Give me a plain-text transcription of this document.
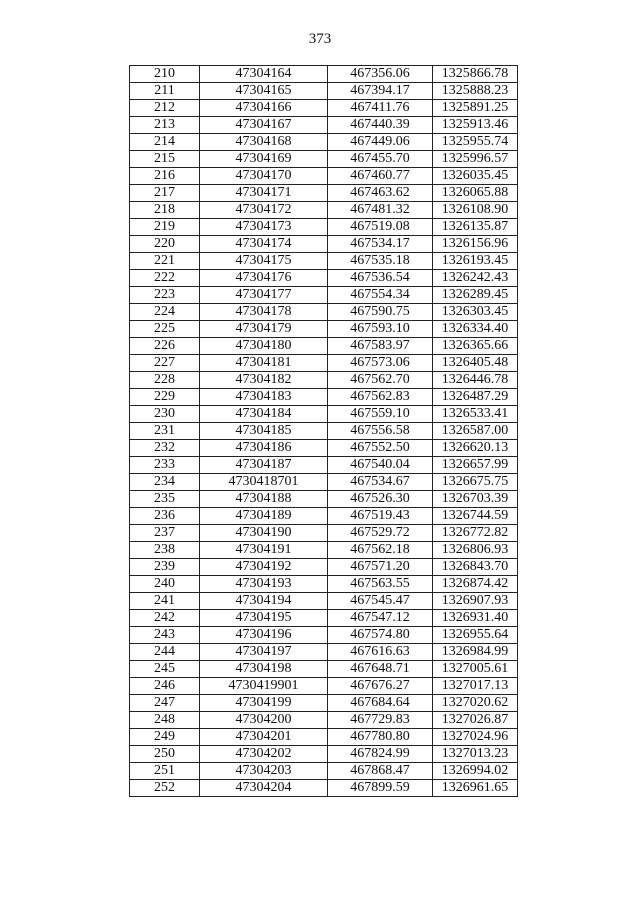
373
210	47304164	467356.06	1325866.78
211	47304165	467394.17	1325888.23
212	47304166	467411.76	1325891.25
213	47304167	467440.39	1325913.46
214	47304168	467449.06	1325955.74
215	47304169	467455.70	1325996.57
216	47304170	467460.77	1326035.45
217	47304171	467463.62	1326065.88
218	47304172	467481.32	1326108.90
219	47304173	467519.08	1326135.87
220	47304174	467534.17	1326156.96
221	47304175	467535.18	1326193.45
222	47304176	467536.54	1326242.43
223	47304177	467554.34	1326289.45
224	47304178	467590.75	1326303.45
225	47304179	467593.10	1326334.40
226	47304180	467583.97	1326365.66
227	47304181	467573.06	1326405.48
228	47304182	467562.70	1326446.78
229	47304183	467562.83	1326487.29
230	47304184	467559.10	1326533.41
231	47304185	467556.58	1326587.00
232	47304186	467552.50	1326620.13
233	47304187	467540.04	1326657.99
234	4730418701	467534.67	1326675.75
235	47304188	467526.30	1326703.39
236	47304189	467519.43	1326744.59
237	47304190	467529.72	1326772.82
238	47304191	467562.18	1326806.93
239	47304192	467571.20	1326843.70
240	47304193	467563.55	1326874.42
241	47304194	467545.47	1326907.93
242	47304195	467547.12	1326931.40
243	47304196	467574.80	1326955.64
244	47304197	467616.63	1326984.99
245	47304198	467648.71	1327005.61
246	4730419901	467676.27	1327017.13
247	47304199	467684.64	1327020.62
248	47304200	467729.83	1327026.87
249	47304201	467780.80	1327024.96
250	47304202	467824.99	1327013.23
251	47304203	467868.47	1326994.02
252	47304204	467899.59	1326961.65
